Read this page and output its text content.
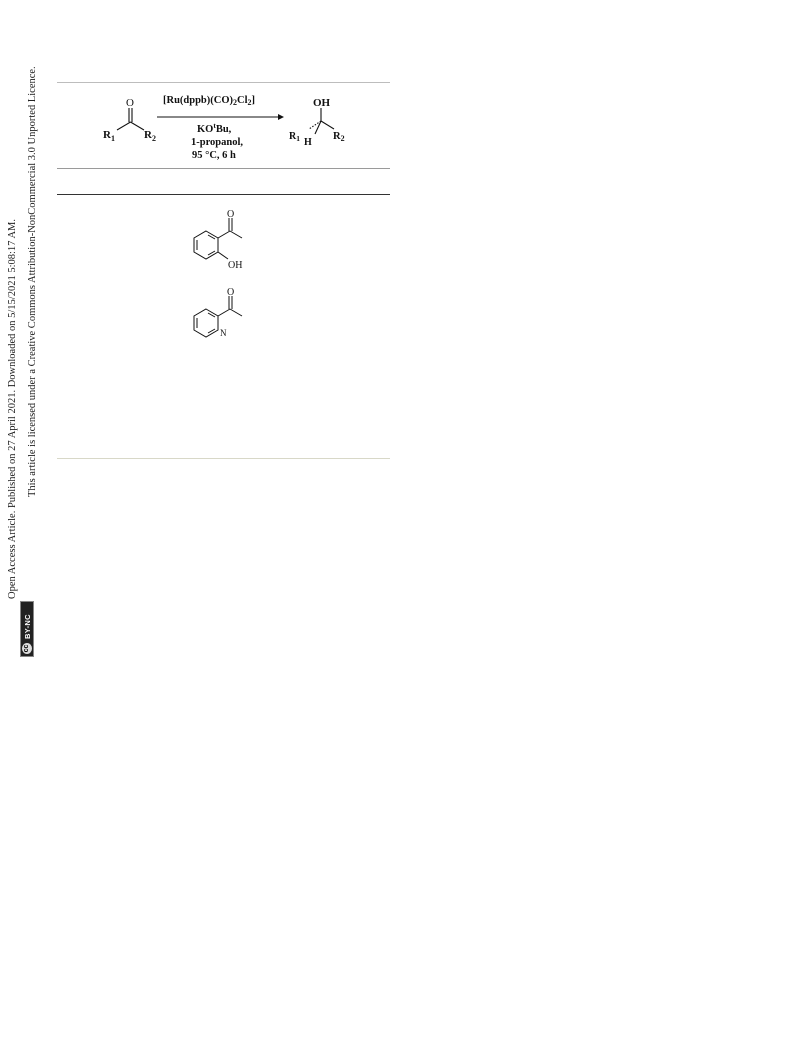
O
$R_1$	$R_2$
[Ru(dppb)(CO)2Cl2]
$KO^tBu$,
1-propanol,
95 °C, 6 h
OH
$R_1$ H
R2
O
OH
O
N
cc
BY-NC
Open Access Article. Published on 27 April 2021. Downloaded on 5/15/2021 5:08:17 AM. This article is licensed under a Creative Commons Attribution-NonCommercial 3.0 Unported Licence.
